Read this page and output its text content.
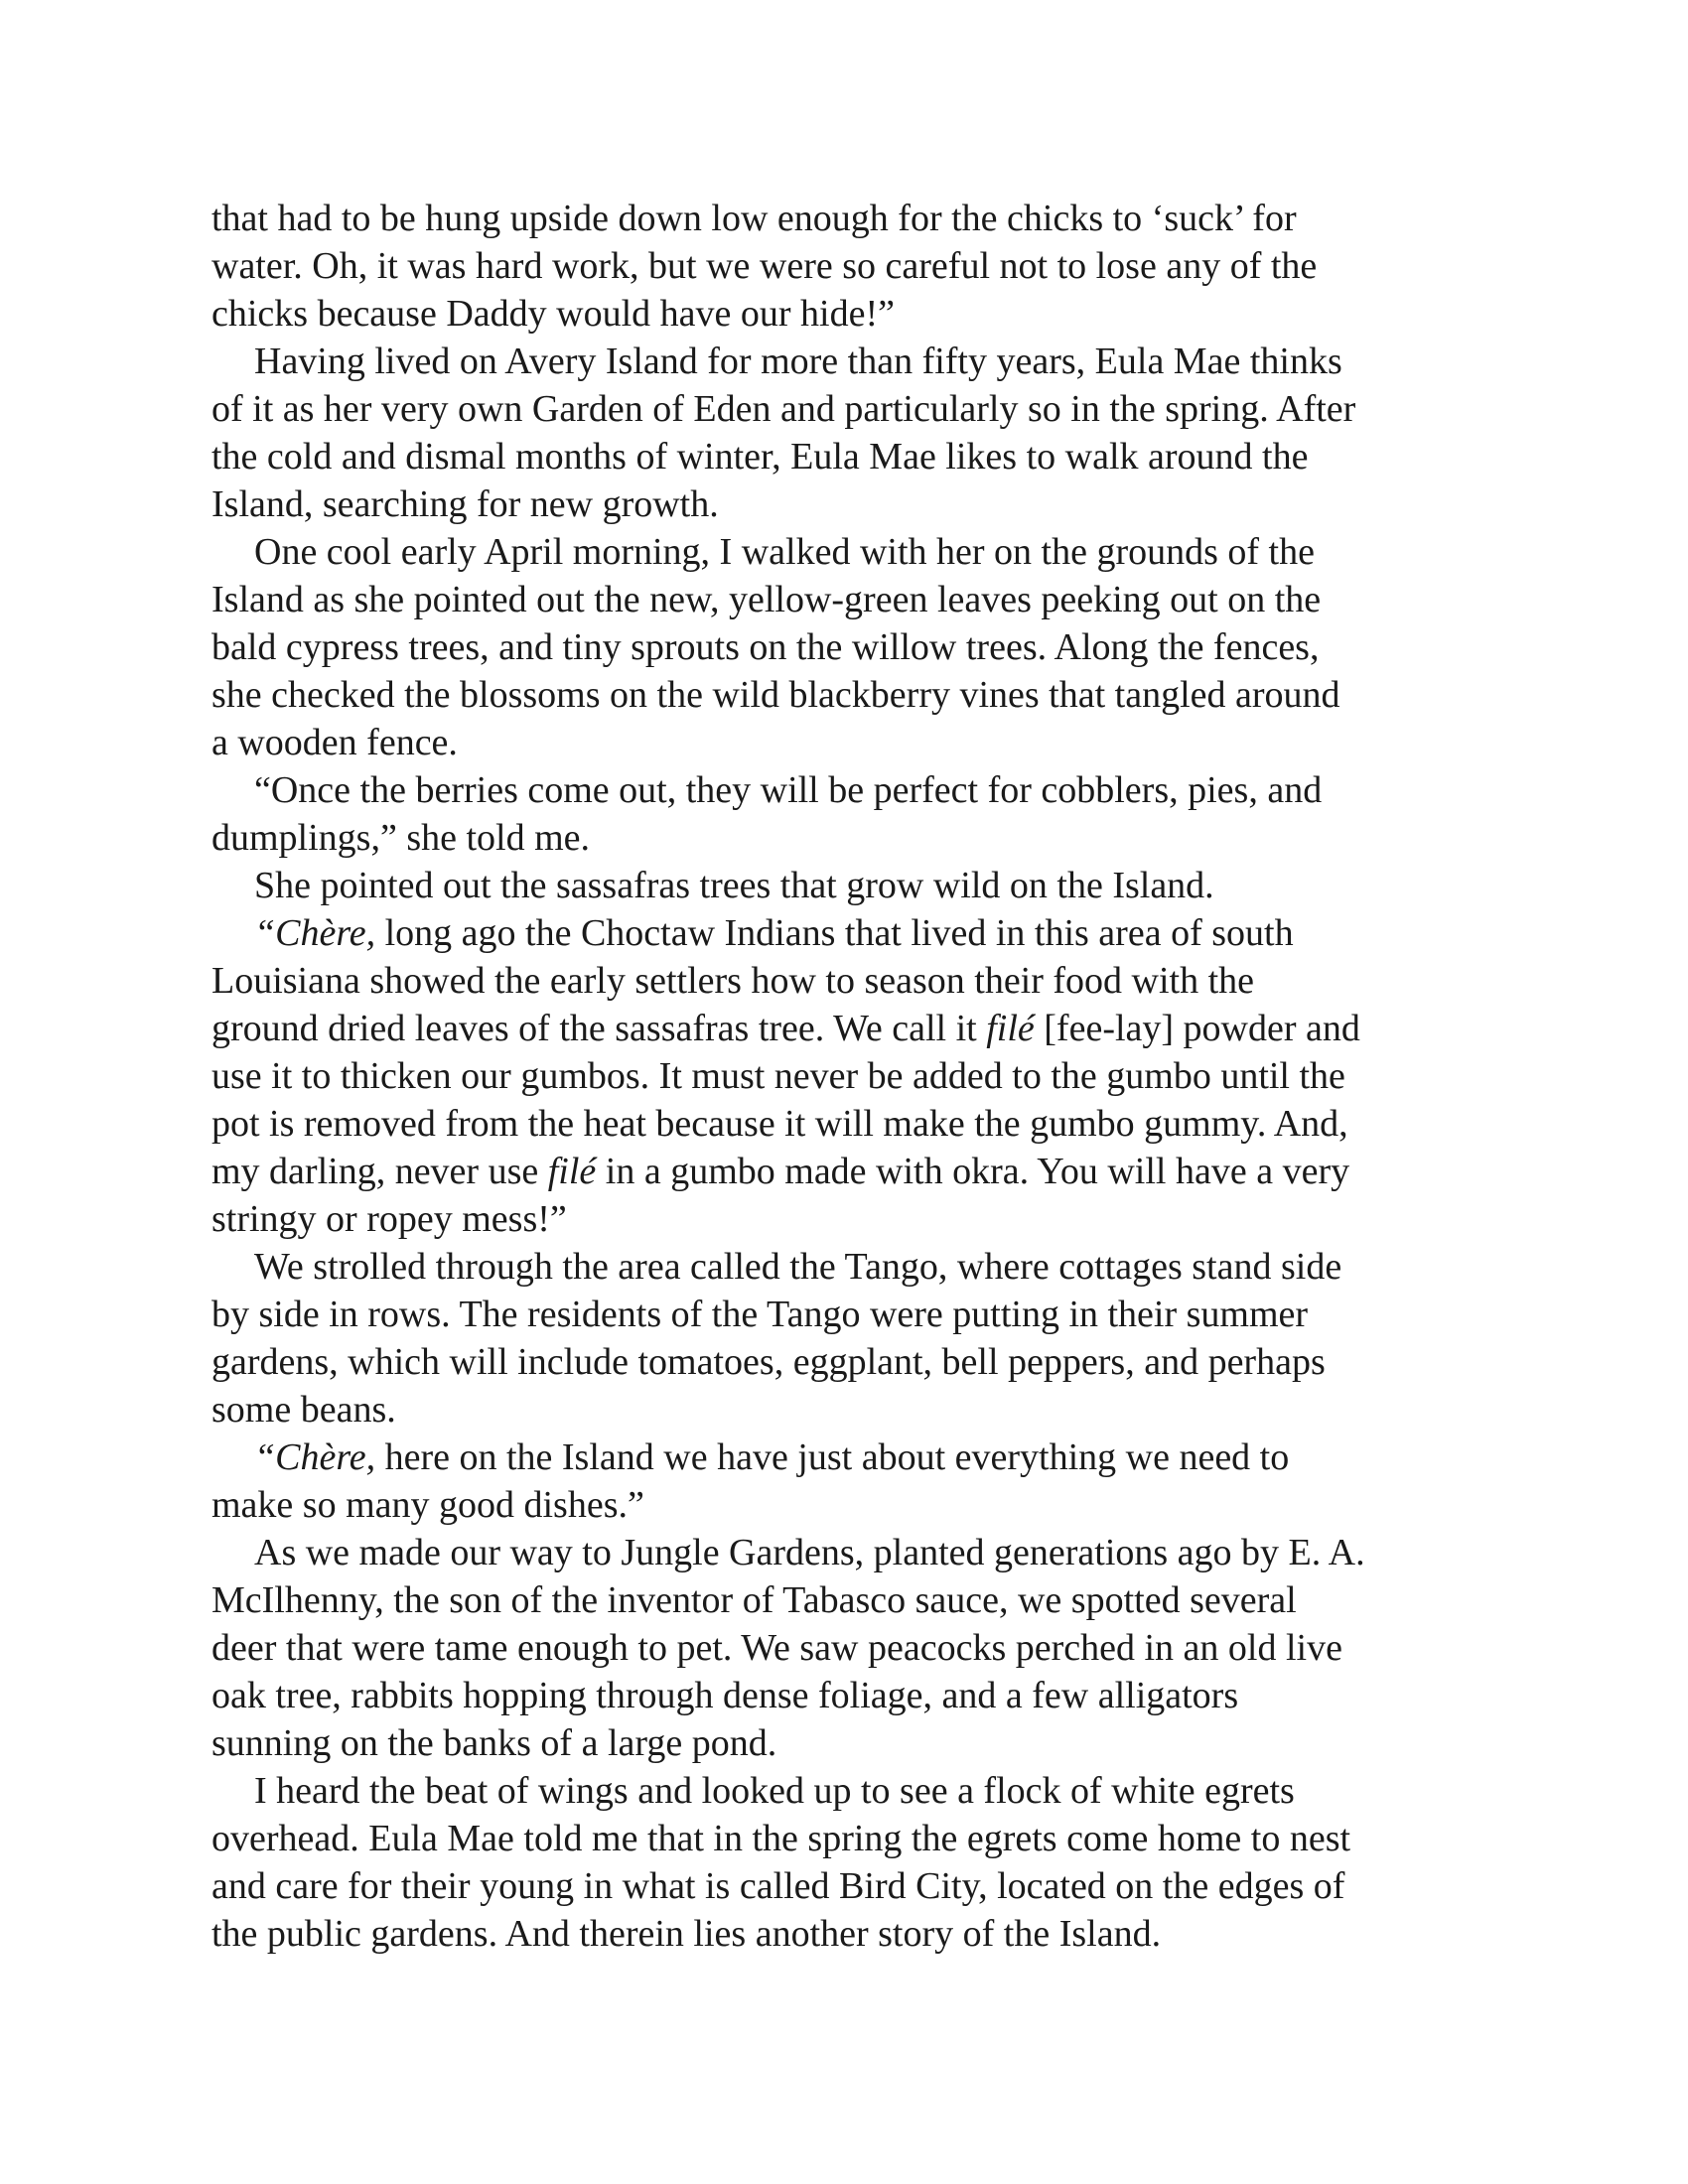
that had to be hung upside down low enough for the chicks to ‘suck’ for
water. Oh, it was hard work, but we were so careful not to lose any of the
chicks because Daddy would have our hide!”

Having lived on Avery Island for more than fifty years, Eula Mae thinks
of it as her very own Garden of Eden and particularly so in the spring. After
the cold and dismal months of winter, Eula Mae likes to walk around the
Island, searching for new growth.

One cool early April morning, I walked with her on the grounds of the
Island as she pointed out the new, yellow-green leaves peeking out on the
bald cypress trees, and tiny sprouts on the willow trees. Along the fences,
she checked the blossoms on the wild blackberry vines that tangled around
a wooden fence.

“Once the berries come out, they will be perfect for cobblers, pies, and
dumplings,” she told me.

She pointed out the sassafras trees that grow wild on the Island.

“Chère, long ago the Choctaw Indians that lived in this area of south
Louisiana showed the early settlers how to season their food with the
ground dried leaves of the sassafras tree. We call it filé [fee-lay] powder and
use it to thicken our gumbos. It must never be added to the gumbo until the
pot is removed from the heat because it will make the gumbo gummy. And,
my darling, never use filé in a gumbo made with okra. You will have a very
stringy or ropey mess!”

We strolled through the area called the Tango, where cottages stand side
by side in rows. The residents of the Tango were putting in their summer
gardens, which will include tomatoes, eggplant, bell peppers, and perhaps
some beans.

“Chère, here on the Island we have just about everything we need to
make so many good dishes.”

As we made our way to Jungle Gardens, planted generations ago by E. A.
McIlhenny, the son of the inventor of Tabasco sauce, we spotted several
deer that were tame enough to pet. We saw peacocks perched in an old live
oak tree, rabbits hopping through dense foliage, and a few alligators
sunning on the banks of a large pond.

I heard the beat of wings and looked up to see a flock of white egrets
overhead. Eula Mae told me that in the spring the egrets come home to nest
and care for their young in what is called Bird City, located on the edges of
the public gardens. And therein lies another story of the Island.
